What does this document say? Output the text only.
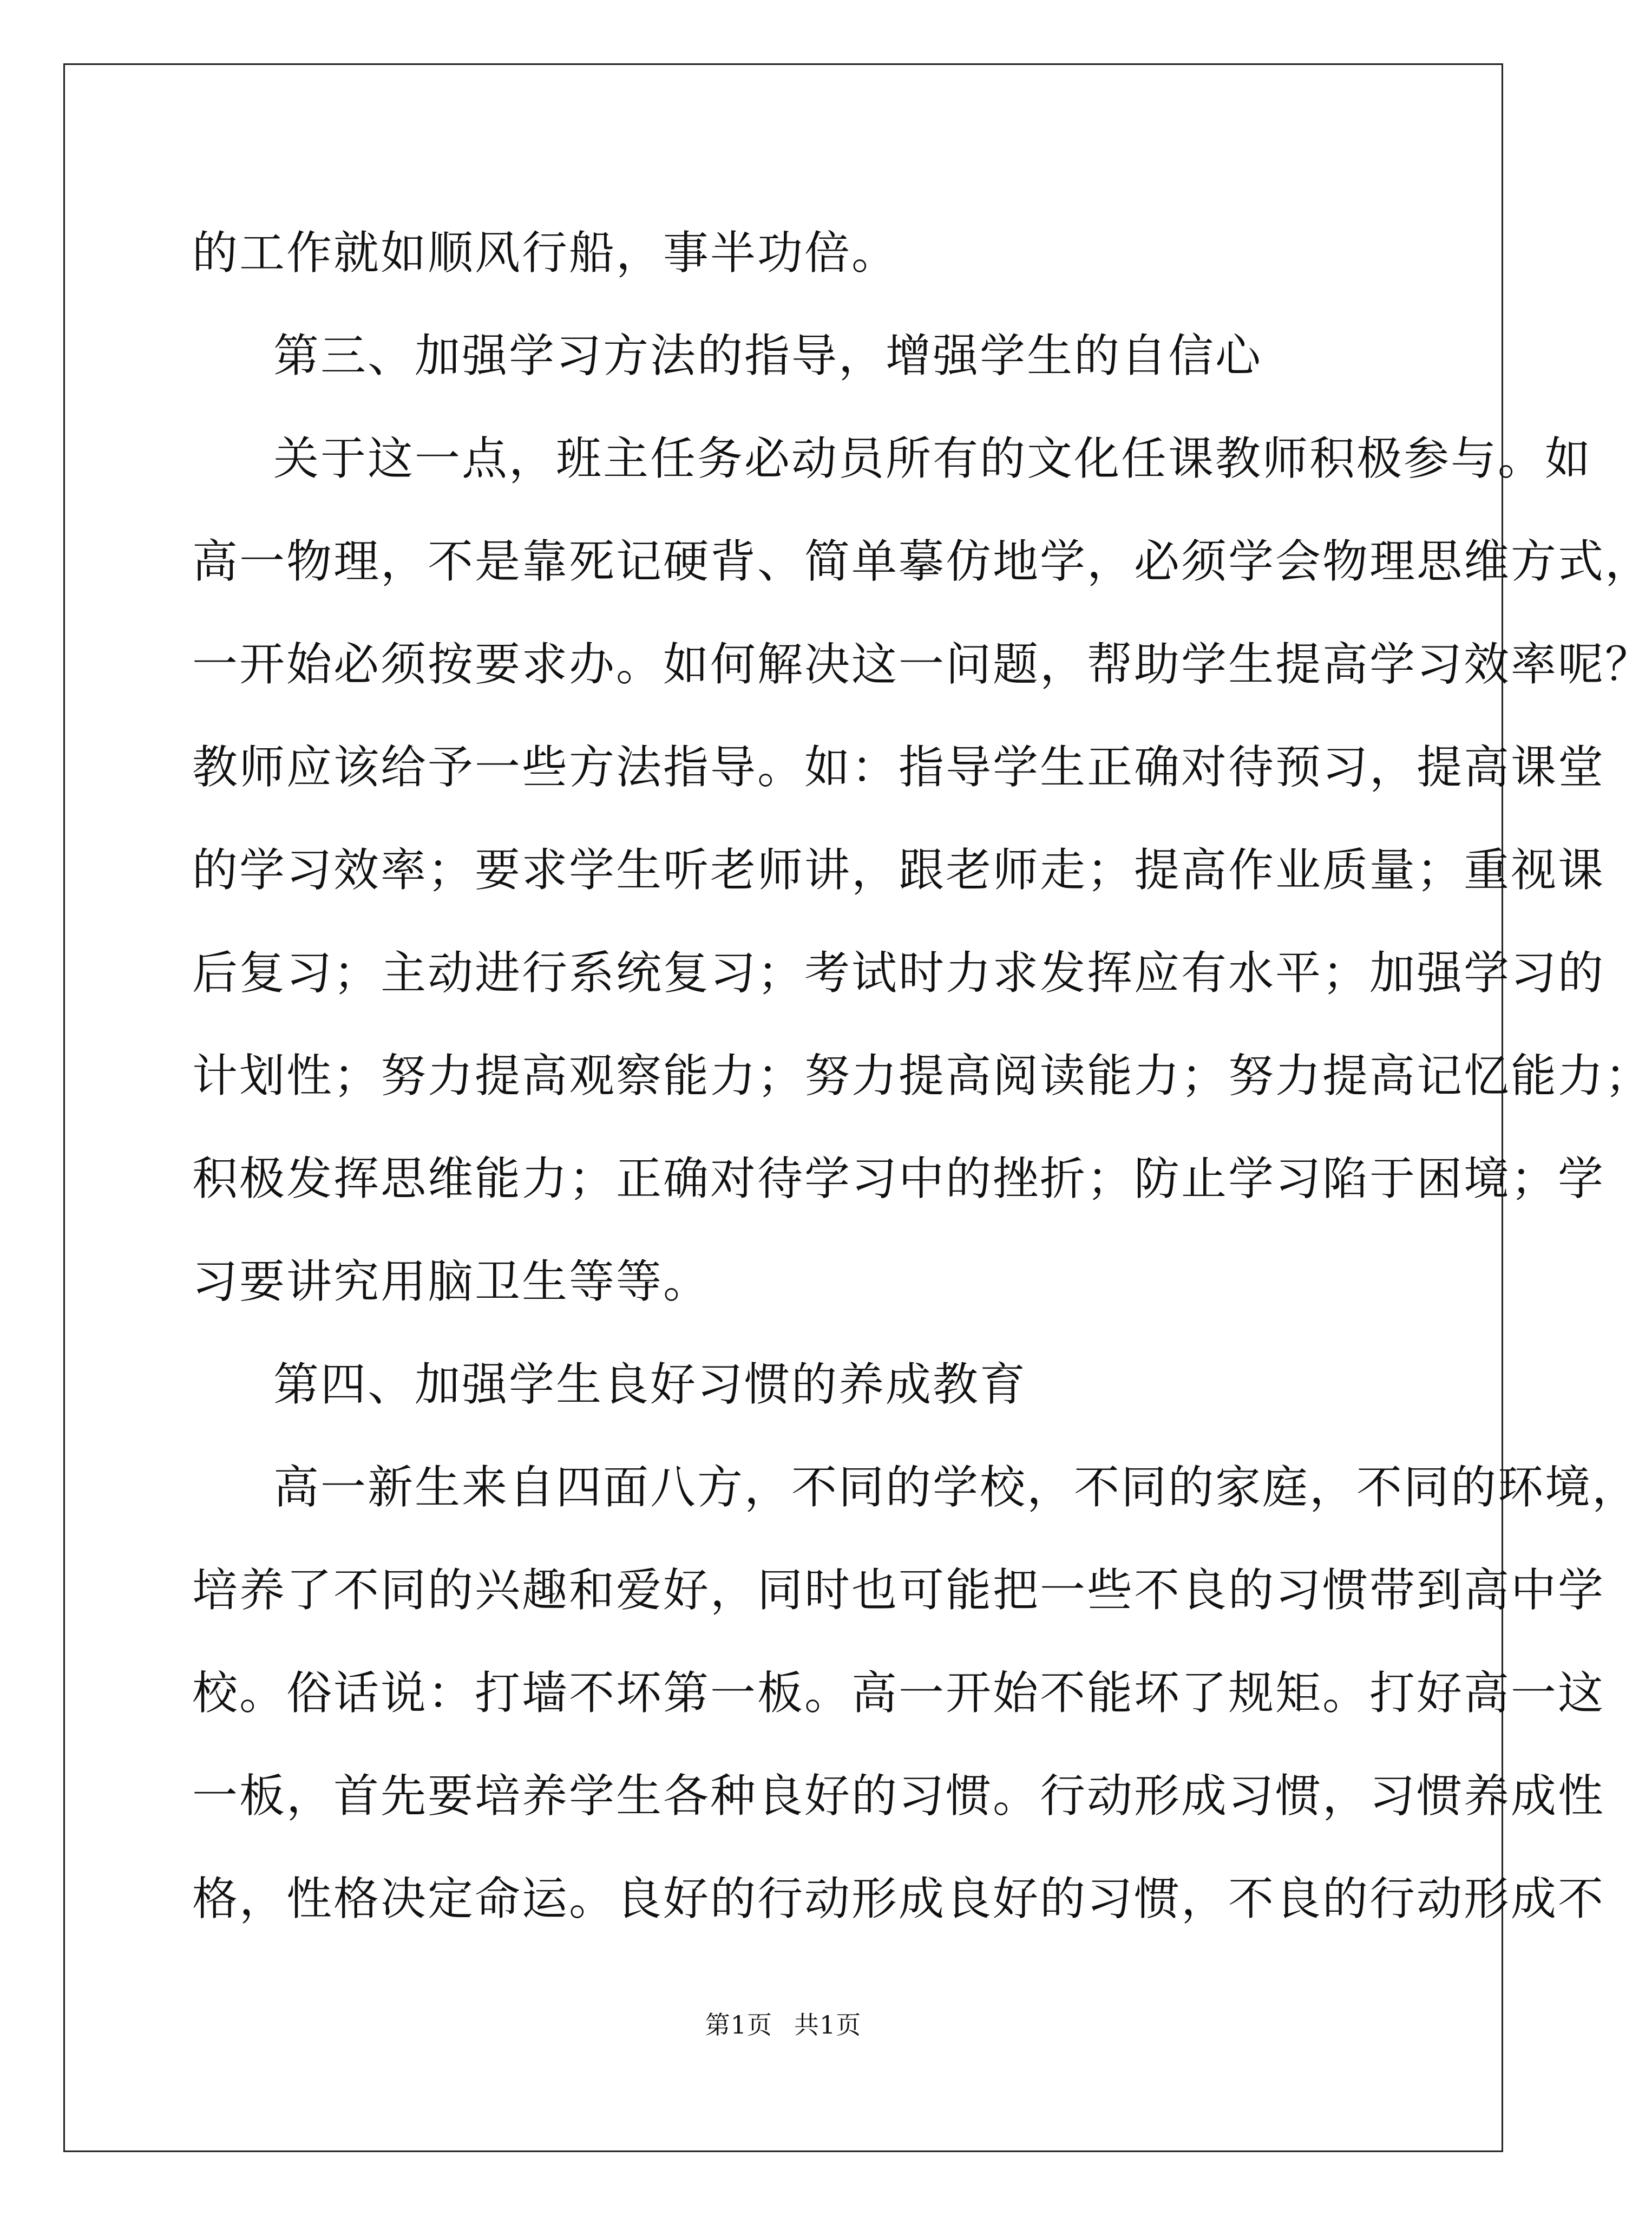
的工作就如顺风行船，事半功倍。
第三、加强学习方法的指导，增强学生的自信心
关于这一点，班主任务必动员所有的文化任课教师积极参与。如
高一物理，不是靠死记硬背、简单摹仿地学，必须学会物理思维方式，
一开始必须按要求办。如何解决这一问题，帮助学生提高学习效率呢？
教师应该给予一些方法指导。如：指导学生正确对待预习，提高课堂
的学习效率；要求学生听老师讲，跟老师走；提高作业质量；重视课
后复习；主动进行系统复习；考试时力求发挥应有水平；加强学习的
计划性；努力提高观察能力；努力提高阅读能力；努力提高记忆能力；
积极发挥思维能力；正确对待学习中的挫折；防止学习陷于困境；学
习要讲究用脑卫生等等。
第四、加强学生良好习惯的养成教育
高一新生来自四面八方，不同的学校，不同的家庭，不同的环境，
培养了不同的兴趣和爱好，同时也可能把一些不良的习惯带到高中学
校。俗话说：打墙不坏第一板。高一开始不能坏了规矩。打好高一这
一板，首先要培养学生各种良好的习惯。行动形成习惯，习惯养成性
格，性格决定命运。良好的行动形成良好的习惯，不良的行动形成不
第1页 共1页
